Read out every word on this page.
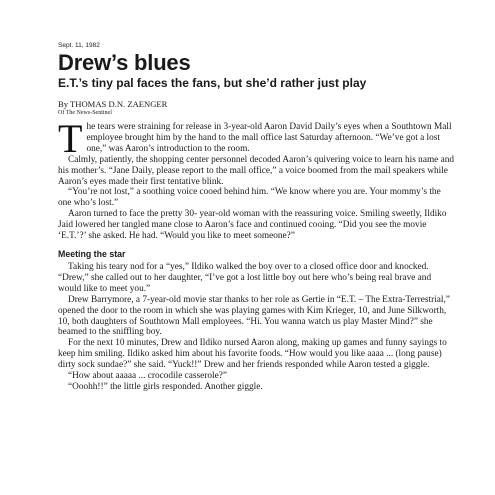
Sept. 11, 1982
Drew’s blues
E.T.’s tiny pal faces the fans, but she’d rather just play
By THOMAS D.N. ZAENGER
Of The News-Sentinel

The tears were straining for release in 3-year-old Aaron David Daily’s eyes when a Southtown Mall employee brought him by the hand to the mall office last Saturday afternoon. “We’ve got a lost one,” was Aaron’s introduction to the room.

Calmly, patiently, the shopping center personnel decoded Aaron’s quivering voice to learn his name and his mother’s. “Jane Daily, please report to the mall office,” a voice boomed from the mail speakers while Aaron’s eyes made their first tentative blink.

“You’re not lost,” a soothing voice cooed behind him. “We know where you are. Your mommy’s the one who’s lost.”

Aaron turned to face the pretty 30- year-old woman with the reassuring voice. Smiling sweetly, Ildiko Jaid lowered her tangled mane close to Aaron’s face and continued cooing. “Did you see the movie ‘E.T.’?’ she asked. He had. “Would you like to meet someone?”

Meeting the star

Taking his teary nod for a “yes,” Ildiko walked the boy over to a closed office door and knocked. “Drew,” she called out to her daughter, “I’ve got a lost little boy out here who’s being real brave and would like to meet you.”

Drew Barrymore, a 7-year-old movie star thanks to her role as Gertie in “E.T. – The Extra-Terrestrial,” opened the door to the room in which she was playing games with Kim Krieger, 10, and June Silkworth, 10, both daughters of Southtown Mall employees. “Hi. You wanna watch us play Master Mind?” she beamed to the sniffling boy.

For the next 10 minutes, Drew and Ildiko nursed Aaron along, making up games and funny sayings to keep him smiling. Ildiko asked him about his favorite foods. “How would you like aaaa ... (long pause) dirty sock sundae?” she said. “Yuck!!” Drew and her friends responded while Aaron tested a giggle.

“How about aaaaa ... crocodile casserole?”

“Ooohh!!” the little girls responded. Another giggle.
